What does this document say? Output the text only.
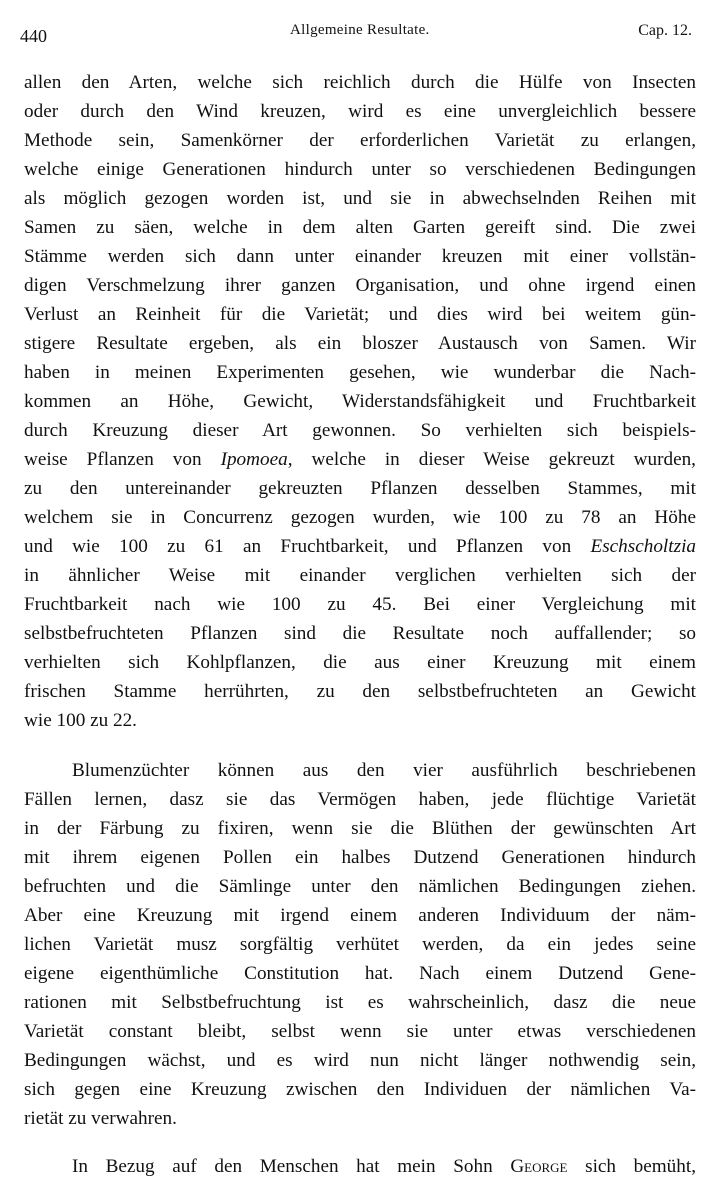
440	Allgemeine Resultate.	Cap. 12.
allen den Arten, welche sich reichlich durch die Hülfe von Insecten
oder durch den Wind kreuzen, wird es eine unvergleichlich bessere
Methode sein, Samenkörner der erforderlichen Varietät zu erlangen,
welche einige Generationen hindurch unter so verschiedenen Bedingungen
als möglich gezogen worden ist, und sie in abwechselnden Reihen mit
Samen zu säen, welche in dem alten Garten gereift sind. Die zwei
Stämme werden sich dann unter einander kreuzen mit einer vollstän-
digen Verschmelzung ihrer ganzen Organisation, und ohne irgend einen
Verlust an Reinheit für die Varietät; und dies wird bei weitem gün-
stigere Resultate ergeben, als ein bloszer Austausch von Samen. Wir
haben in meinen Experimenten gesehen, wie wunderbar die Nach-
kommen an Höhe, Gewicht, Widerstandsfähigkeit und Fruchtbarkeit
durch Kreuzung dieser Art gewonnen. So verhielten sich beispiels-
weise Pflanzen von Ipomoea, welche in dieser Weise gekreuzt wurden,
zu den untereinander gekreuzten Pflanzen desselben Stammes, mit
welchem sie in Concurrenz gezogen wurden, wie 100 zu 78 an Höhe
und wie 100 zu 61 an Fruchtbarkeit, und Pflanzen von Eschscholtzia
in ähnlicher Weise mit einander verglichen verhielten sich der
Fruchtbarkeit nach wie 100 zu 45. Bei einer Vergleichung mit
selbstbefruchteten Pflanzen sind die Resultate noch auffallender; so
verhielten sich Kohlpflanzen, die aus einer Kreuzung mit einem
frischen Stamme herrührten, zu den selbstbefruchteten an Gewicht
wie 100 zu 22.
Blumenzüchter können aus den vier ausführlich beschriebenen
Fällen lernen, dasz sie das Vermögen haben, jede flüchtige Varietät
in der Färbung zu fixiren, wenn sie die Blüthen der gewünschten Art
mit ihrem eigenen Pollen ein halbes Dutzend Generationen hindurch
befruchten und die Sämlinge unter den nämlichen Bedingungen ziehen.
Aber eine Kreuzung mit irgend einem anderen Individuum der näm-
lichen Varietät musz sorgfältig verhütet werden, da ein jedes seine
eigene eigenthümliche Constitution hat. Nach einem Dutzend Gene-
rationen mit Selbstbefruchtung ist es wahrscheinlich, dasz die neue
Varietät constant bleibt, selbst wenn sie unter etwas verschiedenen
Bedingungen wächst, und es wird nun nicht länger nothwendig sein,
sich gegen eine Kreuzung zwischen den Individuen der nämlichen Va-
rietät zu verwahren.
In Bezug auf den Menschen hat mein Sohn George sich bemüht,
